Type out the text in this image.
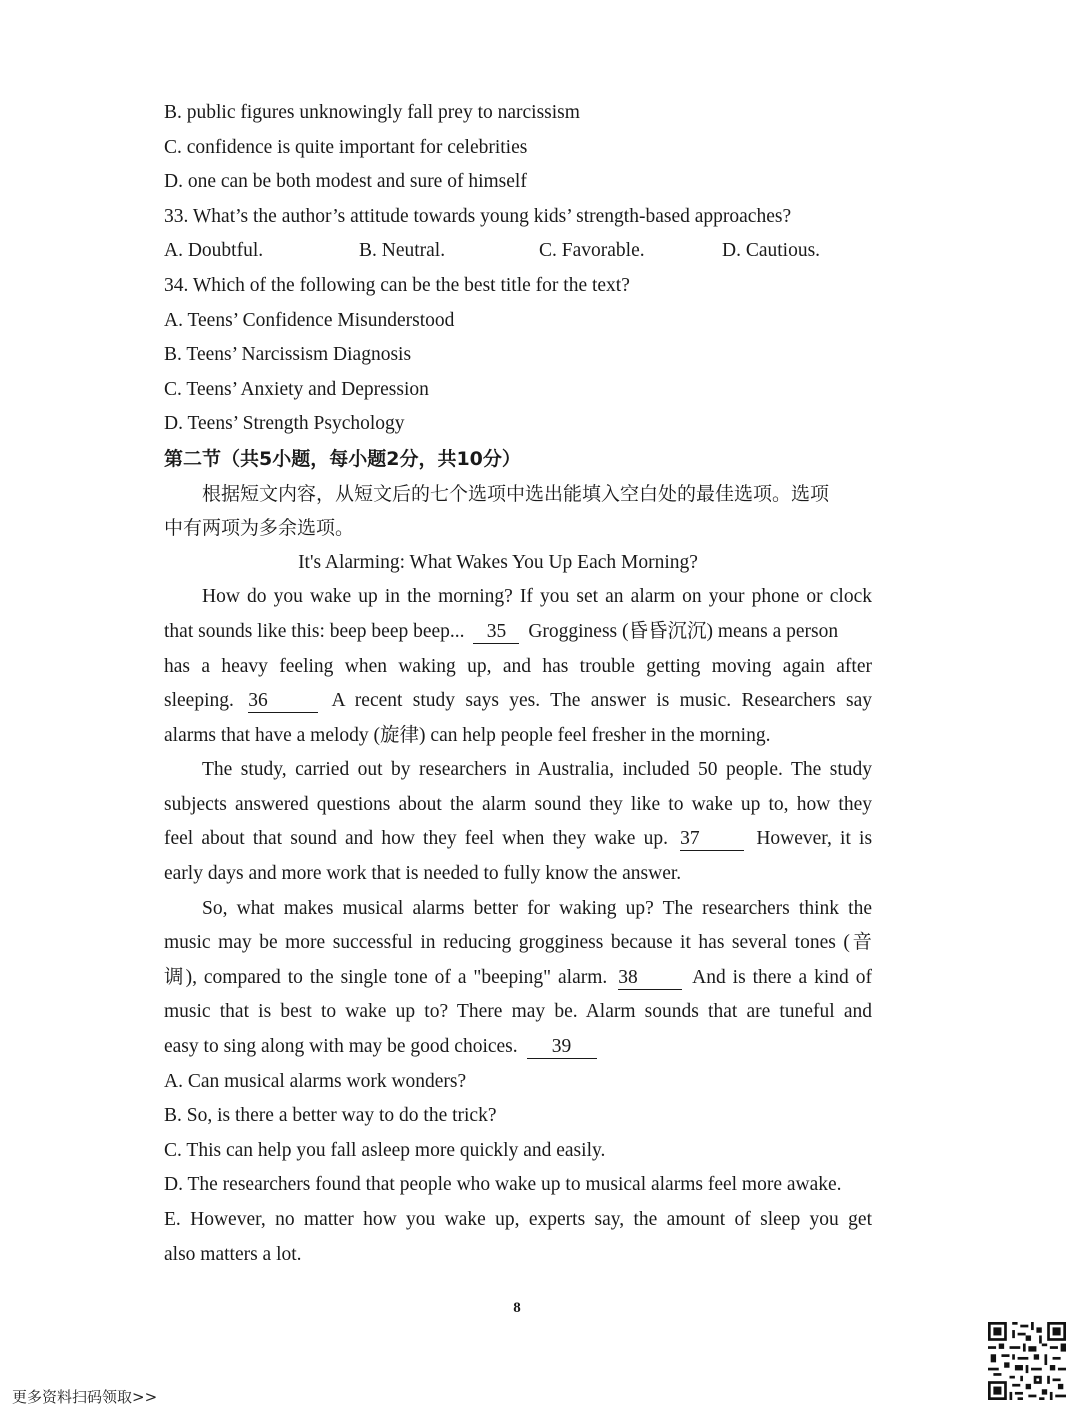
B. public figures unknowingly fall prey to narcissism
C. confidence is quite important for celebrities
D. one can be both modest and sure of himself
33. What’s the author’s attitude towards young kids’ strength-based approaches?
A. Doubtful.	B. Neutral.	C. Favorable.	D. Cautious.
34. Which of the following can be the best title for the text?
A. Teens’ Confidence Misunderstood
B. Teens’ Narcissism Diagnosis
C. Teens’ Anxiety and Depression
D. Teens’ Strength Psychology
第二节（共5小题，每小题2分，共10分）
根据短文内容，从短文后的七个选项中选出能填入空白处的最佳选项。选项
中有两项为多余选项。
It's Alarming: What Wakes You Up Each Morning?
How do you wake up in the morning? If you set an alarm on your phone or clock
that sounds like this: beep beep beep... 35 Grogginess (昏昏沉沉) means a person
has a heavy feeling when waking up, and has trouble getting moving again after
sleeping. 36	A recent study says yes. The answer is music. Researchers say
alarms that have a melody (旋律) can help people feel fresher in the morning.
The study, carried out by researchers in Australia, included 50 people. The study
subjects answered questions about the alarm sound they like to wake up to, how they
feel about that sound and how they feel when they wake up. 37	However, it is
early days and more work that is needed to fully know the answer.
So, what makes musical alarms better for waking up? The researchers think the
music may be more successful in reducing grogginess because it has several tones (音
调), compared to the single tone of a "beeping" alarm. 38	And is there a kind of
music that is best to wake up to? There may be. Alarm sounds that are tuneful and
easy to sing along with may be good choices. 39
A. Can musical alarms work wonders?
B. So, is there a better way to do the trick?
C. This can help you fall asleep more quickly and easily.
D. The researchers found that people who wake up to musical alarms feel more awake.
E. However, no matter how you wake up, experts say, the amount of sleep you get
also matters a lot.
8
更多资料扫码领取>>
